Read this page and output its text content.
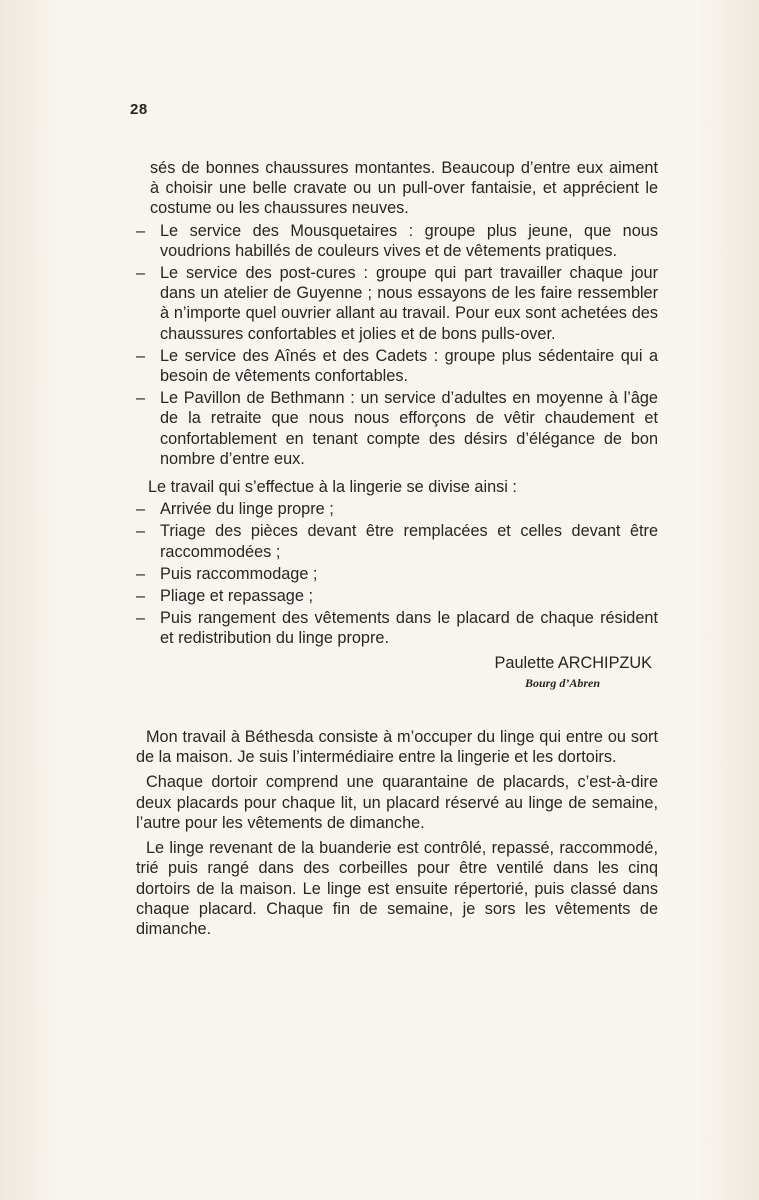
28

sés de bonnes chaussures montantes. Beaucoup d’entre eux aiment à choisir une belle cravate ou un pull-over fantaisie, et apprécient le costume ou les chaussures neuves.

– Le service des Mousquetaires : groupe plus jeune, que nous voudrions habillés de couleurs vives et de vêtements pratiques.
– Le service des post-cures : groupe qui part travailler chaque jour dans un atelier de Guyenne ; nous essayons de les faire ressembler à n’importe quel ouvrier allant au travail. Pour eux sont achetées des chaussures confortables et jolies et de bons pulls-over.
– Le service des Aînés et des Cadets : groupe plus sédentaire qui a besoin de vêtements confortables.
– Le Pavillon de Bethmann : un service d’adultes en moyenne à l’âge de la retraite que nous nous efforçons de vêtir chaudement et confortablement en tenant compte des désirs d’élégance de bon nombre d’entre eux.

Le travail qui s’effectue à la lingerie se divise ainsi :

– Arrivée du linge propre ;
– Triage des pièces devant être remplacées et celles devant être raccommodées ;
– Puis raccommodage ;
– Pliage et repassage ;
– Puis rangement des vêtements dans le placard de chaque résident et redistribution du linge propre.

Paulette ARCHIPZUK

Bourg d’Abren

Mon travail à Béthesda consiste à m’occuper du linge qui entre ou sort de la maison. Je suis l’intermédiaire entre la lingerie et les dortoirs.

Chaque dortoir comprend une quarantaine de placards, c’est-à-dire deux placards pour chaque lit, un placard réservé au linge de semaine, l’autre pour les vêtements de dimanche.

Le linge revenant de la buanderie est contrôlé, repassé, raccommodé, trié puis rangé dans des corbeilles pour être ventilé dans les cinq dortoirs de la maison. Le linge est ensuite répertorié, puis classé dans chaque placard. Chaque fin de semaine, je sors les vêtements de dimanche.
